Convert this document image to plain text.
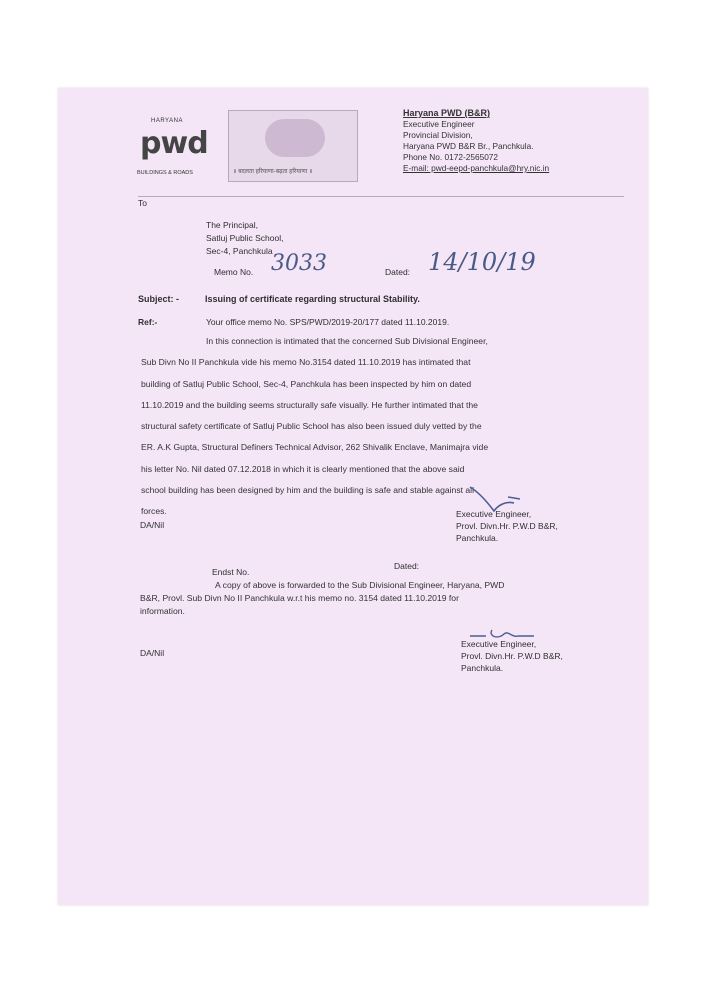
HARYANA
pwd
BUILDINGS & ROADS	॥ बदलता हरियाणा-बढ़ता हरियाणा ॥
Haryana PWD (B&R)
Executive Engineer
Provincial Division,
Haryana PWD B&R Br., Panchkula.
Phone No. 0172-2565072
E-mail: pwd-eepd-panchkula@hry.nic.in
To
The Principal,
Satluj Public School,
Sec-4, Panchkula
Memo No. 3033	Dated: 14/10/19
Subject: -	Issuing of certificate regarding structural Stability.
Ref:-	Your office memo No. SPS/PWD/2019-20/177 dated 11.10.2019.
In this connection is intimated that the concerned Sub Divisional Engineer,
Sub Divn No II Panchkula vide his memo No.3154 dated 11.10.2019 has intimated that
building of Satluj Public School, Sec-4, Panchkula has been inspected by him on dated
11.10.2019 and the building seems structurally safe visually. He further intimated that the
structural safety certificate of Satluj Public School has also been issued duly vetted by the
ER. A.K Gupta, Structural Definers Technical Advisor, 262 Shivalik Enclave, Manimajra vide
his letter No. Nil dated 07.12.2018 in which it is clearly mentioned that the above said
school building has been designed by him and the building is safe and stable against all
forces.
DA/Nil
Executive Engineer,
Provl. Divn.Hr. P.W.D B&R,
Panchkula.
Endst No.
Dated:
A copy of above is forwarded to the Sub Divisional Engineer, Haryana, PWD
B&R, Provl. Sub Divn No II Panchkula w.r.t his memo no. 3154 dated 11.10.2019 for
information.
DA/Nil
Executive Engineer,
Provl. Divn.Hr. P.W.D B&R,
Panchkula.
